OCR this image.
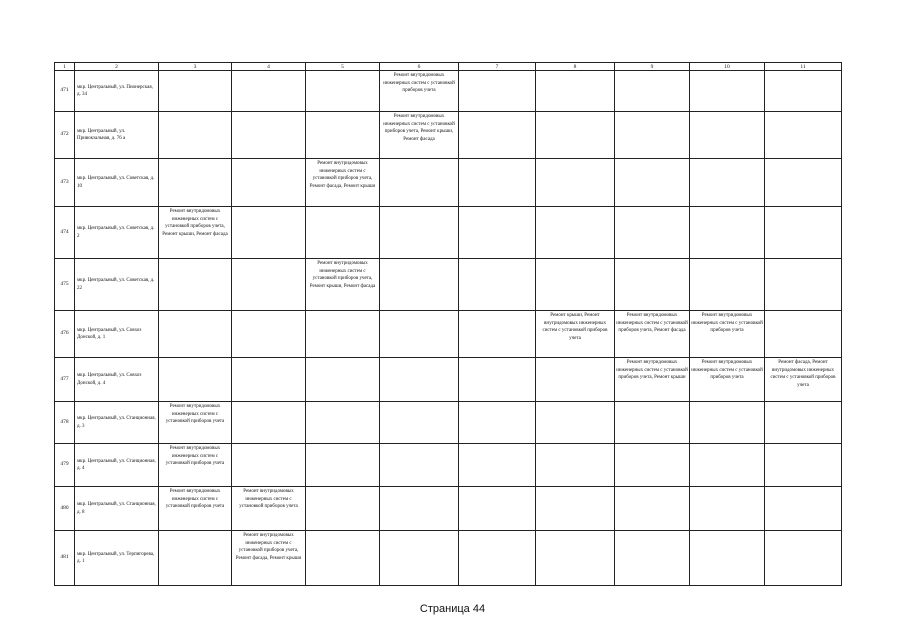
1	2	3	4	5	6	7	8	9	10	11
471	мкр. Центральный, ул. Пионерская, д. 34				Ремонт внутридомовых инженерных систем с установкой приборов учета					
472	мкр. Центральный, ул. Привокзальная, д. 76 а				Ремонт внутридомовых инженерных систем с установкой приборов учета, Ремонт крыши, Ремонт фасада					
473	мкр. Центральный, ул. Советская, д. 10			Ремонт внутридомовых инженерных систем с установкой приборов учета, Ремонт фасада, Ремонт крыши						
474	мкр. Центральный, ул. Советская, д. 2	Ремонт внутридомовых инженерных систем с установкой приборов учета, Ремонт крыши, Ремонт фасада								
475	мкр. Центральный, ул. Советская, д. 22			Ремонт внутридомовых инженерных систем с установкой приборов учета, Ремонт крыши, Ремонт фасада						
476	мкр. Центральный, ул. Совхоз Донской, д. 1						Ремонт крыши, Ремонт внутридомовых инженерных систем с установкой приборов учета	Ремонт внутридомовых инженерных систем с установкой приборов учета, Ремонт фасада	Ремонт внутридомовых инженерных систем с установкой приборов учета	
477	мкр. Центральный, ул. Совхоз Донской, д. 4							Ремонт внутридомовых инженерных систем с установкой приборов учета, Ремонт крыши	Ремонт внутридомовых инженерных систем с установкой приборов учета	Ремонт фасада, Ремонт внутридомовых инженерных систем с установкой приборов учета
478	мкр. Центральный, ул. Станционная, д. 3	Ремонт внутридомовых инженерных систем с установкой приборов учета								
479	мкр. Центральный, ул. Станционная, д. 4	Ремонт внутридомовых инженерных систем с установкой приборов учета								
480	мкр. Центральный, ул. Станционная, д. 8	Ремонт внутридомовых инженерных систем с установкой приборов учета	Ремонт внутридомовых инженерных систем с установкой приборов учета							
481	мкр. Центральный, ул. Терпигорева, д. 1		Ремонт внутридомовых инженерных систем с установкой приборов учета, Ремонт фасада, Ремонт крыши							
Страница 44
